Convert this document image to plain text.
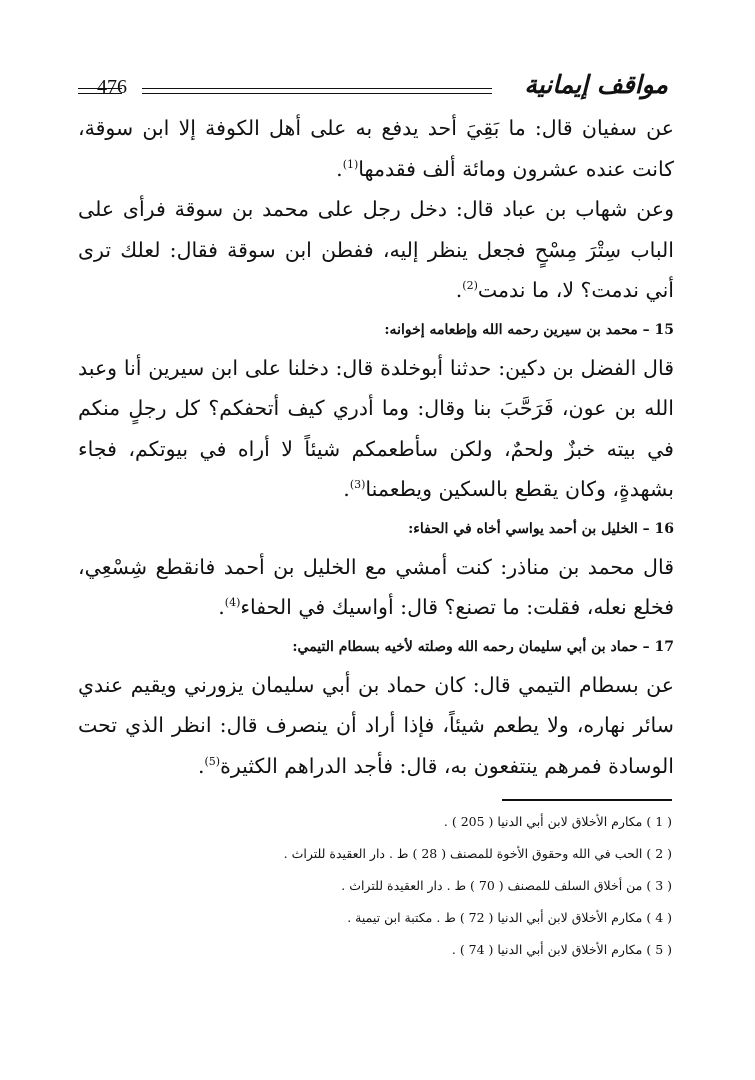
476	مواقف إيمانية

عن سفيان قال: ما بَقِيَ أحد يدفع به على أهل الكوفة إلا ابن سوقة، كانت عنده عشرون ومائة ألف فقدمها$^{(1)}$.

وعن شهاب بن عباد قال: دخل رجل على محمد بن سوقة فرأى على الباب سِتْرَ مِسْحٍ فجعل ينظر إليه، ففطن ابن سوقة فقال: لعلك ترى أني ندمت؟ لا، ما ندمت$^{(2)}$.

15 – محمد بن سيرين رحمه الله وإطعامه إخوانه:

قال الفضل بن دكين: حدثنا أبوخلدة قال: دخلنا على ابن سيرين أنا وعبد الله بن عون، فَرَحَّبَ بنا وقال: وما أدري كيف أتحفكم؟ كل رجلٍ منكم في بيته خبزٌ ولحمٌ، ولكن سأطعمكم شيئاً لا أراه في بيوتكم، فجاء بشهدةٍ، وكان يقطع بالسكين ويطعمنا$^{(3)}$.

16 – الخليل بن أحمد يواسي أخاه في الحفاء:

قال محمد بن مناذر: كنت أمشي مع الخليل بن أحمد فانقطع شِسْعِي، فخلع نعله، فقلت: ما تصنع؟ قال: أواسيك في الحفاء$^{(4)}$.

17 – حماد بن أبي سليمان رحمه الله وصلته لأخيه بسطام التيمي:

عن بسطام التيمي قال: كان حماد بن أبي سليمان يزورني ويقيم عندي سائر نهاره، ولا يطعم شيئاً، فإذا أراد أن ينصرف قال: انظر الذي تحت الوسادة فمرهم ينتفعون به، قال: فأجد الدراهم الكثيرة$^{(5)}$.

( 1 ) مكارم الأخلاق لابن أبي الدنيا ( 205 ) .

( 2 ) الحب في الله وحقوق الأخوة للمصنف ( 28 ) ط . دار العقيدة للتراث .

( 3 ) من أخلاق السلف للمصنف ( 70 ) ط . دار العقيدة للتراث .

( 4 ) مكارم الأخلاق لابن أبي الدنيا ( 72 ) ط . مكتبة ابن تيمية .

( 5 ) مكارم الأخلاق لابن أبي الدنيا ( 74 ) .
